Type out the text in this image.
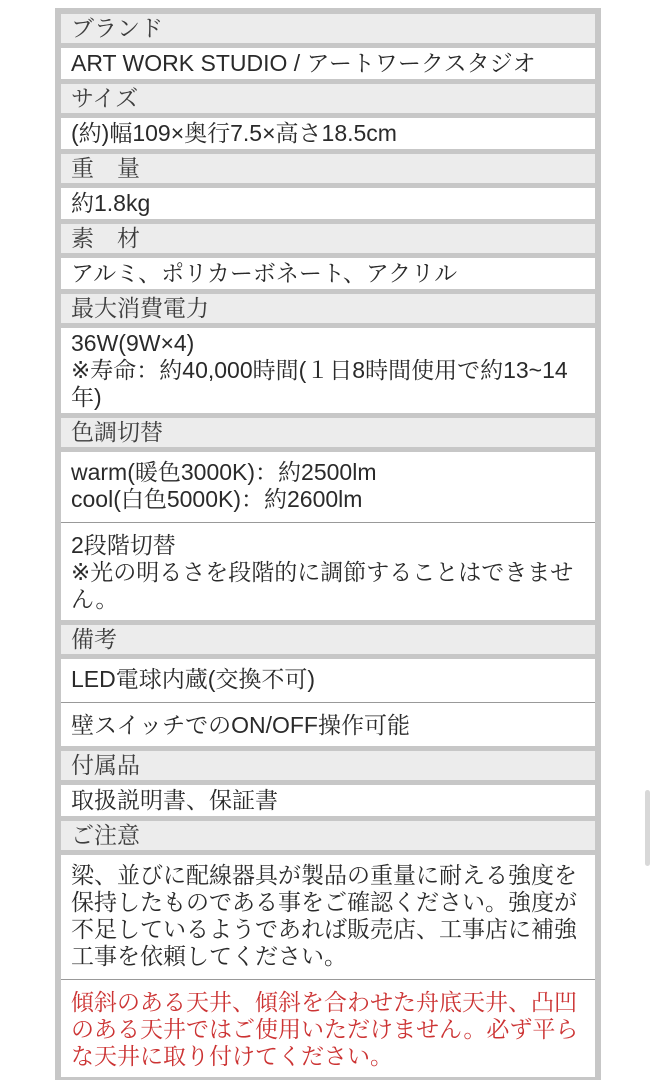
ブランド
ART WORK STUDIO / アートワークスタジオ
サイズ
(約)幅109×奥行7.5×高さ18.5cm
重　量
約1.8kg
素　材
アルミ、ポリカーボネート、アクリル
最大消費電力
36W(9W×4)
※寿命：約40,000時間(１日8時間使用で約13~14年)
色調切替
warm(暖色3000K)：約2500lm
cool(白色5000K)：約2600lm
2段階切替
※光の明るさを段階的に調節することはできません。
備考
LED電球内蔵(交換不可)
壁スイッチでのON/OFF操作可能
付属品
取扱説明書、保証書
ご注意
梁、並びに配線器具が製品の重量に耐える強度を保持したものである事をご確認ください。強度が不足しているようであれば販売店、工事店に補強工事を依頼してください。
傾斜のある天井、傾斜を合わせた舟底天井、凸凹のある天井ではご使用いただけません。必ず平らな天井に取り付けてください。
